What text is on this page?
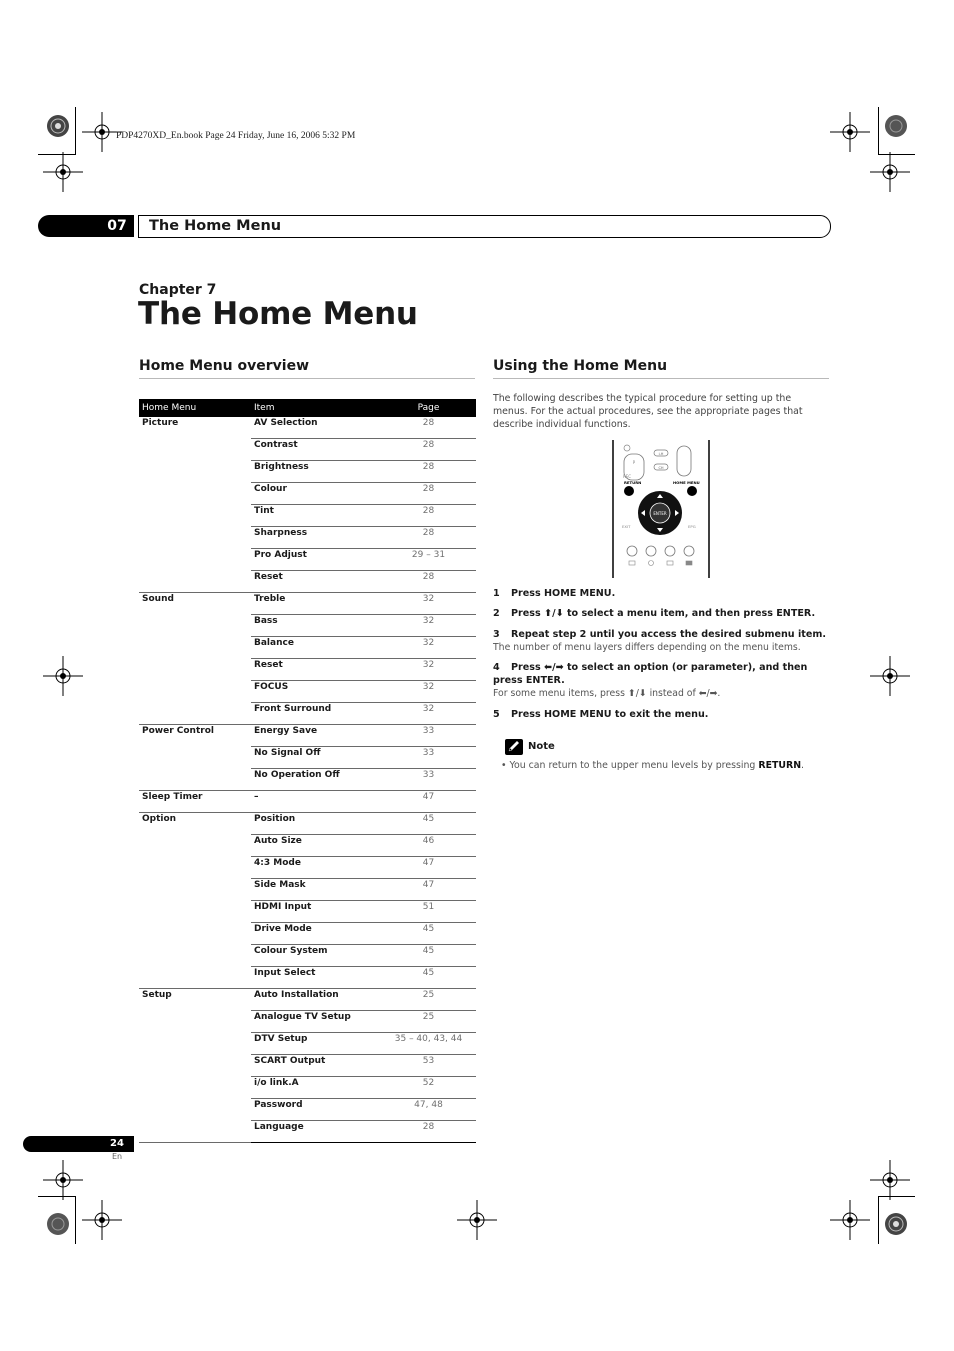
PDP4270XD_En.book Page 24 Friday, June 16, 2006 5:32 PM
07	The Home Menu
Chapter 7
The Home Menu
Home Menu overview
Home Menu	Item	Page
Picture	AV Selection	28
	Contrast	28
	Brightness	28
	Colour	28
	Tint	28
	Sharpness	28
	Pro Adjust	29 – 31
	Reset	28
Sound	Treble	32
	Bass	32
	Balance	32
	Reset	32
	FOCUS	32
	Front Surround	32
Power Control	Energy Save	33
	No Signal Off	33
	No Operation Off	33
Sleep Timer	–	47
Option	Position	45
	Auto Size	46
	4:3 Mode	47
	Side Mask	47
	HDMI Input	51
	Drive Mode	45
	Colour System	45
	Input Select	45
Setup	Auto Installation	25
	Analogue TV Setup	25
	DTV Setup	35 – 40, 43, 44
	SCART Output	53
	i/o link.A	52
	Password	47, 48
	Language	28
Using the Home Menu
The following describes the typical procedure for setting up the menus. For the actual procedures, see the appropriate pages that describe individual functions.
P
REC
i-H
CH
RETURN	HOME MENU
ENTER
EXIT	EPG
1 Press HOME MENU.
2 Press ⬆/⬇ to select a menu item, and then press ENTER.
3 Repeat step 2 until you access the desired submenu item.
The number of menu layers differs depending on the menu items.
4 Press ⬅/➡ to select an option (or parameter), and then press ENTER.
For some menu items, press ⬆/⬇ instead of ⬅/➡.
5 Press HOME MENU to exit the menu.
Note
• You can return to the upper menu levels by pressing RETURN.
24
En
